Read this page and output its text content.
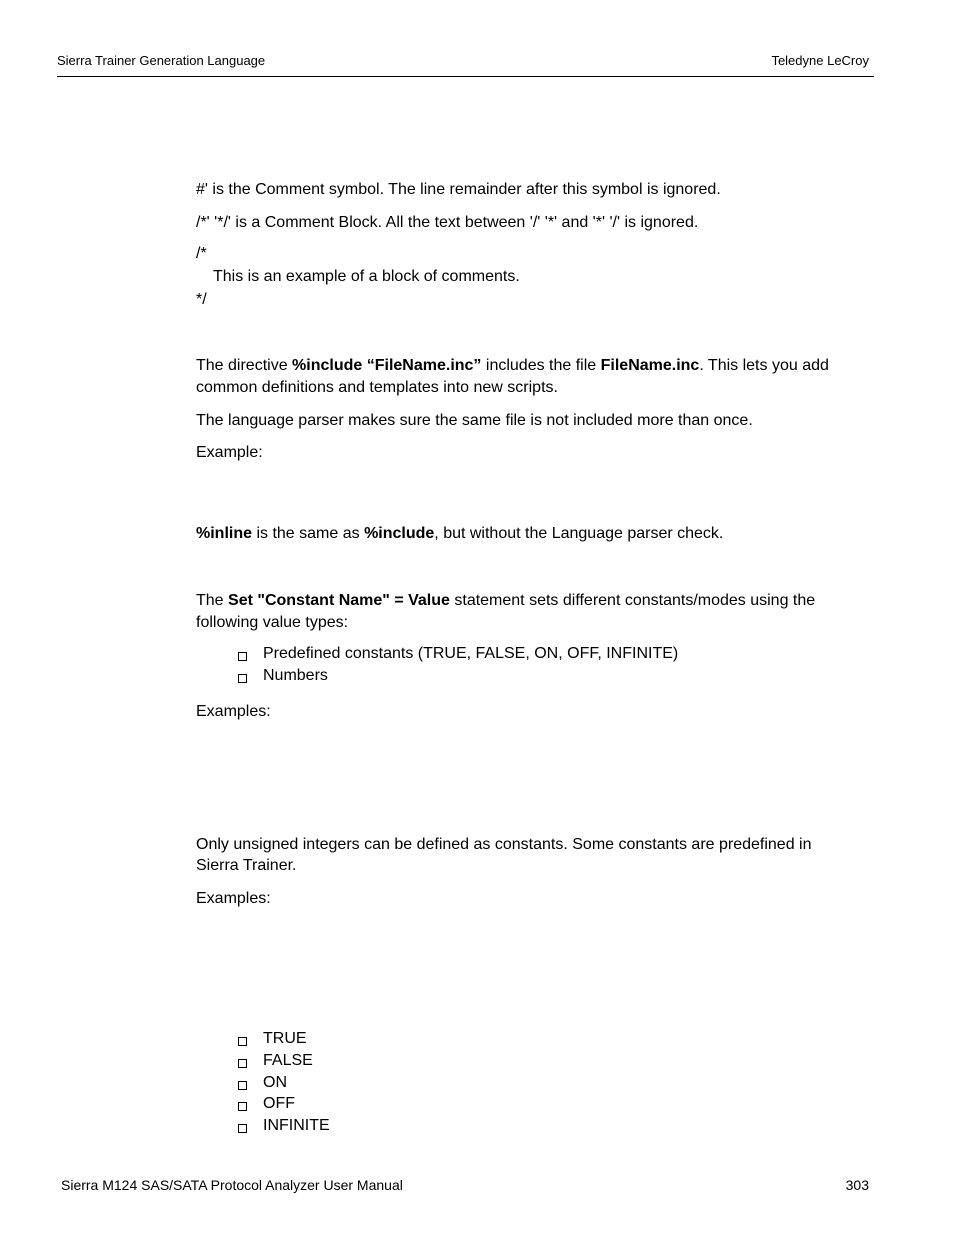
Sierra Trainer Generation Language	Teledyne LeCroy
#' is the Comment symbol. The line remainder after this symbol is ignored.
/*' '*/' is a Comment Block. All the text between '/' '*' and '*' '/' is ignored.
/*
This is an example of a block of comments.
*/
The directive %include “FileName.inc” includes the file FileName.inc. This lets you add
common definitions and templates into new scripts.
The language parser makes sure the same file is not included more than once.
Example:
%inline is the same as %include, but without the Language parser check.
The Set "Constant Name" = Value statement sets different constants/modes using the
following value types:
Predefined constants (TRUE, FALSE, ON, OFF, INFINITE)
Numbers
Examples:
Only unsigned integers can be defined as constants. Some constants are predefined in
Sierra Trainer.
Examples:
TRUE
FALSE
ON
OFF
INFINITE
Sierra M124 SAS/SATA Protocol Analyzer User Manual	303
